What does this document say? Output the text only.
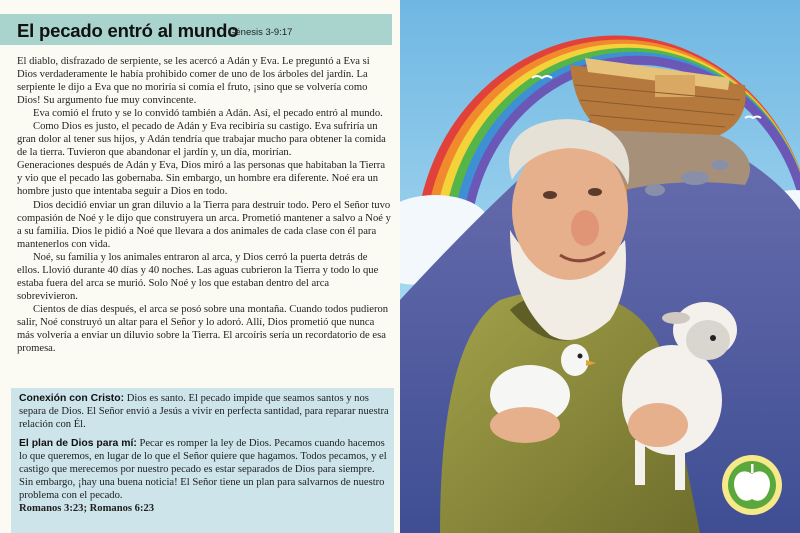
El pecado entró al mundo
Génesis 3-9:17

El diablo, disfrazado de serpiente, se les acercó a Adán y Eva. Le preguntó a Eva si Dios verdaderamente le había prohibido comer de uno de los árboles del jardín. La serpiente le dijo a Eva que no moriría si comía el fruto, ¡sino que se volvería como Dios! Su argumento fue muy convincente.

Eva comió el fruto y se lo convidó también a Adán. Así, el pecado entró al mundo.

Como Dios es justo, el pecado de Adán y Eva recibiría su castigo. Eva sufriría un gran dolor al tener sus hijos, y Adán tendría que trabajar mucho para obtener la comida de la tierra. Tuvieron que abandonar el jardín y, un día, morirían.

Generaciones después de Adán y Eva, Dios miró a las personas que habitaban la Tierra y vio que el pecado las gobernaba. Sin embargo, un hombre era diferente. Noé era un hombre justo que intentaba seguir a Dios en todo.

Dios decidió enviar un gran diluvio a la Tierra para destruir todo. Pero el Señor tuvo compasión de Noé y le dijo que construyera un arca. Prometió mantener a salvo a Noé y a su familia. Dios le pidió a Noé que llevara a dos animales de cada clase con él para mantenerlos con vida.

Noé, su familia y los animales entraron al arca, y Dios cerró la puerta detrás de ellos. Llovió durante 40 días y 40 noches. Las aguas cubrieron la Tierra y todo lo que estaba fuera del arca se murió. Solo Noé y los que estaban dentro del arca sobrevivieron.

Cientos de días después, el arca se posó sobre una montaña. Cuando todos pudieron salir, Noé construyó un altar para el Señor y lo adoró. Allí, Dios prometió que nunca más volvería a enviar un diluvio sobre la Tierra. El arcoíris sería un recordatorio de esa promesa.

Conexión con Cristo: Dios es santo. El pecado impide que seamos santos y nos separa de Dios. El Señor envió a Jesús a vivir en perfecta santidad, para reparar nuestra relación con Él.

El plan de Dios para mí: Pecar es romper la ley de Dios. Pecamos cuando hacemos lo que queremos, en lugar de lo que el Señor quiere que hagamos. Todos pecamos, y el castigo que merecemos por nuestro pecado es estar separados de Dios para siempre. Sin embargo, ¡hay una buena noticia! El Señor tiene un plan para salvarnos de nuestro problema con el pecado.
Romanos 3:23; Romanos 6:23
